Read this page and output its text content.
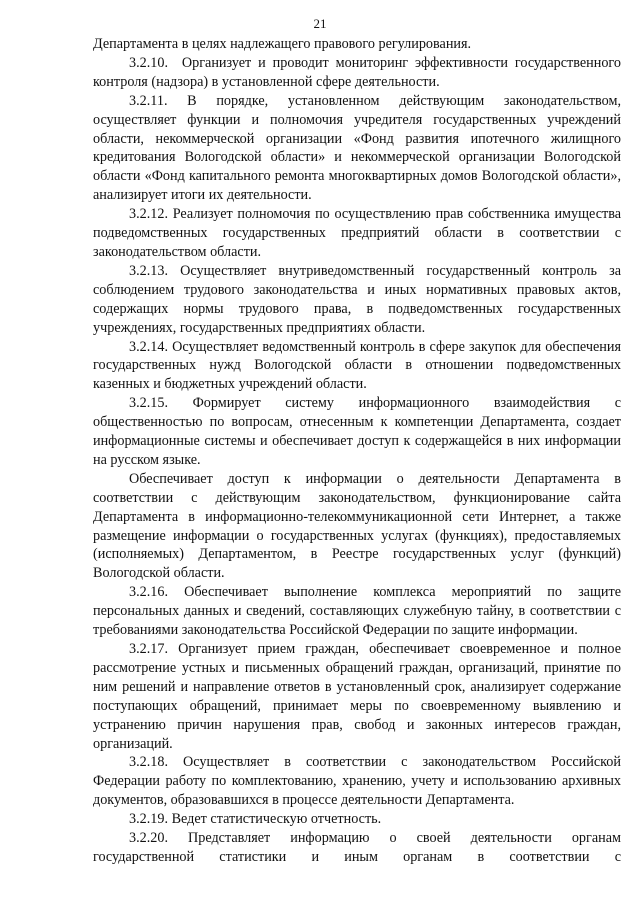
21

Департамента в целях надлежащего правового регулирования.

3.2.10.  Организует и проводит мониторинг эффективности государственного контроля (надзора) в установленной сфере деятельности.

3.2.11. В порядке, установленном действующим законодательством, осуществляет функции и полномочия учредителя государственных учреждений области, некоммерческой организации «Фонд развития ипотечного жилищного кредитования Вологодской области» и некоммерческой организации Вологодской области «Фонд капитального ремонта многоквартирных домов Вологодской области», анализирует итоги их деятельности.

3.2.12. Реализует полномочия по осуществлению прав собственника имущества подведомственных государственных предприятий области в соответствии с законодательством области.

3.2.13. Осуществляет внутриведомственный государственный контроль за соблюдением трудового законодательства и иных нормативных правовых актов, содержащих нормы трудового права, в подведомственных государственных учреждениях, государственных предприятиях области.

3.2.14. Осуществляет ведомственный контроль в сфере закупок для обеспечения государственных нужд Вологодской области в отношении подведомственных казенных и бюджетных учреждений области.

3.2.15. Формирует систему информационного взаимодействия с общественностью по вопросам, отнесенным к компетенции Департамента, создает информационные системы и обеспечивает доступ к содержащейся в них информации на русском языке.

Обеспечивает доступ к информации о деятельности Департамента в соответствии с действующим законодательством, функционирование сайта Департамента в информационно-телекоммуникационной сети Интернет, а также размещение информации о государственных услугах (функциях), предоставляемых (исполняемых) Департаментом, в Реестре государственных услуг (функций) Вологодской области.

3.2.16. Обеспечивает выполнение комплекса мероприятий по защите персональных данных и сведений, составляющих служебную тайну, в соответствии с требованиями законодательства Российской Федерации по защите информации.

3.2.17. Организует прием граждан, обеспечивает своевременное и полное рассмотрение устных и письменных обращений граждан, организаций, принятие по ним решений и направление ответов в установленный срок, анализирует содержание поступающих обращений, принимает меры по своевременному выявлению и устранению причин нарушения прав, свобод и законных интересов граждан, организаций.

3.2.18. Осуществляет в соответствии с законодательством Российской Федерации работу по комплектованию, хранению, учету и использованию архивных документов, образовавшихся в процессе деятельности Департамента.

3.2.19. Ведет статистическую отчетность.

3.2.20. Представляет информацию о своей деятельности органам государственной статистики и иным органам в соответствии с
